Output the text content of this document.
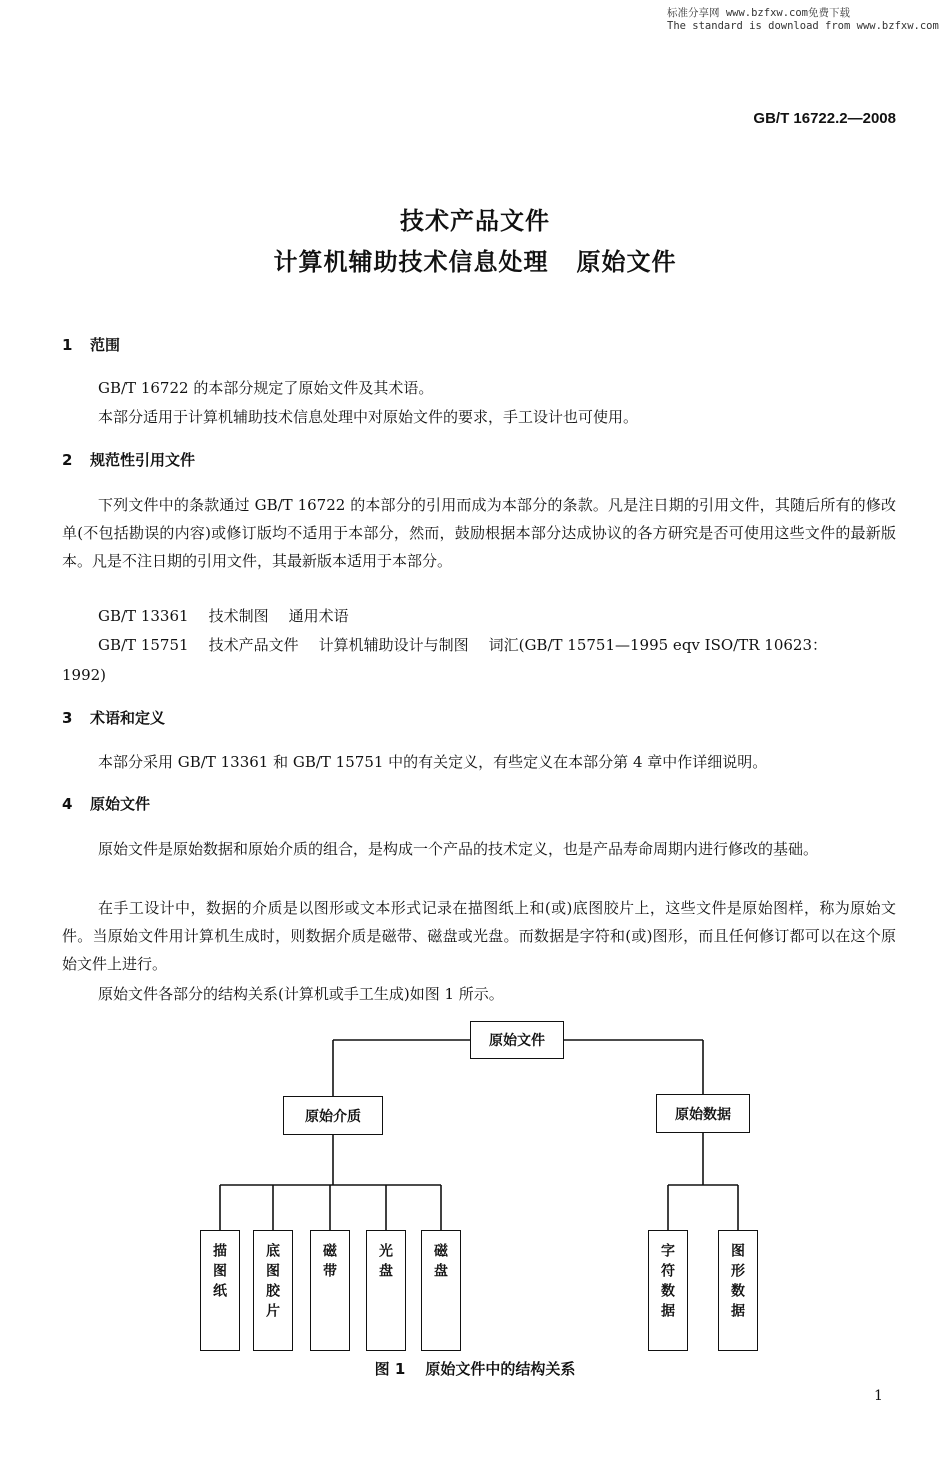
标准分享网 www.bzfxw.com免费下载
The standard is download from www.bzfxw.com
GB/T 16722.2—2008
技术产品文件
计算机辅助技术信息处理 原始文件
1 范围
GB/T 16722 的本部分规定了原始文件及其术语。
本部分适用于计算机辅助技术信息处理中对原始文件的要求，手工设计也可使用。
2 规范性引用文件
下列文件中的条款通过 GB/T 16722 的本部分的引用而成为本部分的条款。凡是注日期的引用文件，其随后所有的修改单(不包括勘误的内容)或修订版均不适用于本部分，然而，鼓励根据本部分达成协议的各方研究是否可使用这些文件的最新版本。凡是不注日期的引用文件，其最新版本适用于本部分。
GB/T 13361 技术制图 通用术语
GB/T 15751 技术产品文件 计算机辅助设计与制图 词汇(GB/T 15751—1995 eqv ISO/TR 10623：
1992)
3 术语和定义
本部分采用 GB/T 13361 和 GB/T 15751 中的有关定义，有些定义在本部分第 4 章中作详细说明。
4 原始文件
原始文件是原始数据和原始介质的组合，是构成一个产品的技术定义，也是产品寿命周期内进行修改的基础。
在手工设计中，数据的介质是以图形或文本形式记录在描图纸上和(或)底图胶片上，这些文件是原始图样，称为原始文件。当原始文件用计算机生成时，则数据介质是磁带、磁盘或光盘。而数据是字符和(或)图形，而且任何修订都可以在这个原始文件上进行。
原始文件各部分的结构关系(计算机或手工生成)如图 1 所示。
原始文件
原始介质	原始数据
描图纸	底图胶片	磁带	光盘	磁盘	字符数据	图形数据
图 1 原始文件中的结构关系
1
